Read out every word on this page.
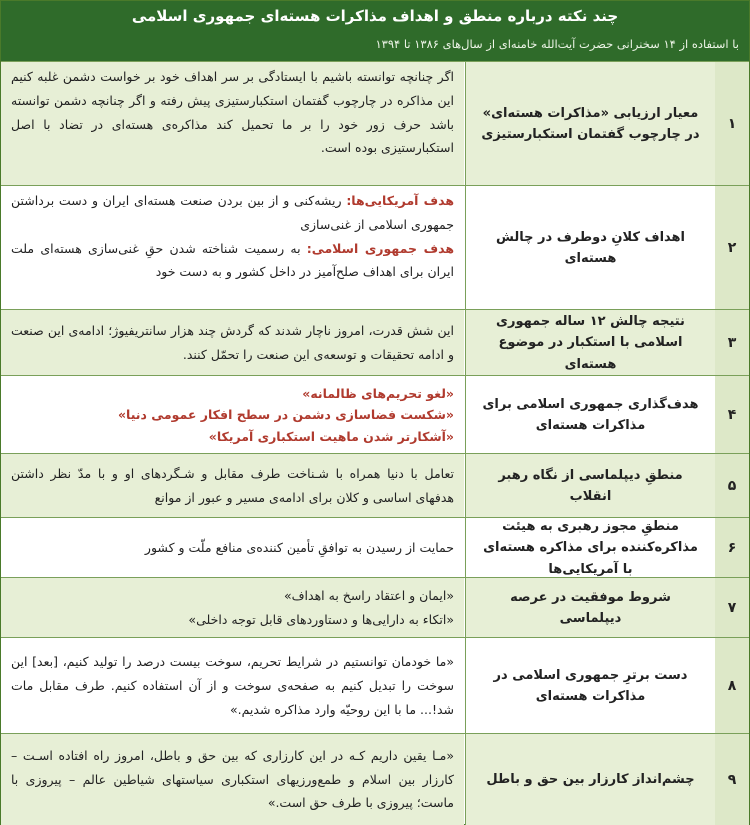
چند نکته درباره منطق و اهداف مذاکرات هسته‌ای جمهوری اسلامی
با استفاده از ۱۴ سخنرانی حضرت آیت‌الله خامنه‌ای از سال‌های ۱۳۸۶ تا ۱۳۹۴
۱
معیار ارزیابی «مذاکرات هسته‌ای» در چارچوب گفتمان استکبارستیزی

اگر چنانچه توانسته باشیم با ایستادگی بر سر اهداف خود بر خواست دشمن غلبه کنیم این مذاکره در چارچوب گفتمان استکبارستیزی پیش رفته و اگر چنانچه دشمن توانسته باشد حرف زور خود را بر ما تحمیل کند مذاکره‌ی هسته‌ای در تضاد با اصل استکبارستیزی بوده است.

۲
اهداف کلانِ دوطرف در چالش هسته‌ای

هدف آمریکایی‌ها: ریشه‌کنی و از بین بردن صنعت هسته‌ای ایران و دست برداشتن جمهوری اسلامی از غنی‌سازی

هدف جمهوری اسلامی: به رسمیت شناخته شدن حقِ غنی‌سازی هسته‌ای ملت ایران برای اهداف صلح‌آمیز در داخل کشور و به دست خود

۳
نتیجه چالش ۱۲ ساله جمهوری اسلامی با استکبار در موضوع هسته‌ای

این شش قدرت، امروز ناچار شدند که گردش چند هزار سانتریفیوژ؛ ادامه‌ی این صنعت و ادامه تحقیقات و توسعه‌ی این صنعت را تحمّل کنند.

۴
هدف‌گذاری جمهوری اسلامی برای مذاکرات هسته‌ای

«لغو تحریم‌های ظالمانه»

«شکست فضاسازی دشمن در سطح افکار عمومی دنیا»

«آشکارتر شدن ماهیت استکباری آمریکا»

۵
منطقِ دیپلماسی از نگاه رهبر انقلاب

تعامل با دنیا همراه با شـناخت طرف مقابل و شـگردهای او و با مدّ نظر داشتن هدفهای اساسی و کلان برای ادامه‌ی مسیر و عبور از موانع

۶
منطقِ مجوز رهبری به هیئت مذاکره‌کننده برای مذاکره هسته‌ای با آمریکایی‌ها

حمایت از رسیدن به توافقِ تأمین کننده‌ی منافع ملّت و کشور

۷
شروط موفقیت در عرصه دیپلماسی

«ایمان و اعتقاد راسخ به اهداف»

«اتکاء به دارایی‌ها و دستاوردهای قابل توجه داخلی»

۸
دست برترِ جمهوری اسلامی در مذاکرات هسته‌ای

«ما خودمان توانستیم در شرایط تحریم، سوخت بیست درصد را تولید کنیم، [بعد] این سوخت را تبدیل کنیم به صفحه‌ی سوخت و از آن استفاده کنیم. طرف مقابل مات شد!... ما با این روحیّه وارد مذاکره شدیم.»

۹
چشم‌انداز کارزار بین حق و باطل

«مـا یقین داریم کـه در این کارزاری که بین حق و باطل، امروز راه افتاده اسـت – کارزار بین اسلام و طمع‌ورزیهای استکباری سیاستهای شیاطین عالم – پیروزی با ماست؛ پیروزی با طرف حق است.»
